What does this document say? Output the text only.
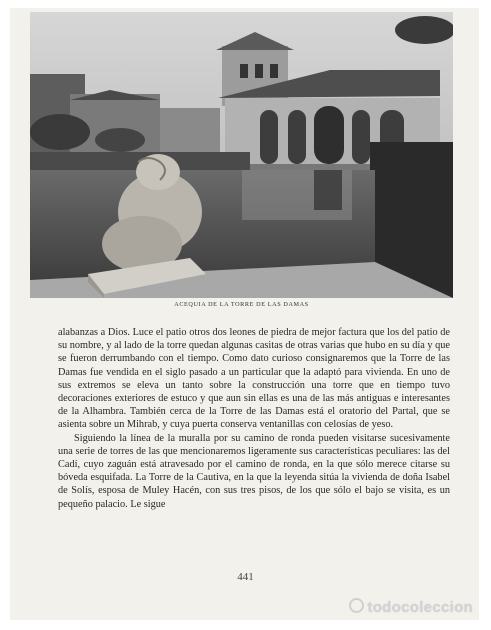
ACEQUIA DE LA TORRE DE LAS DAMAS

alabanzas a Dios. Luce el patio otros dos leones de piedra de mejor factura que los del patio de su nombre, y al lado de la torre quedan algunas casitas de otras varias que hubo en su día y que se fueron derrumbando con el tiempo. Como dato curioso consignaremos que la Torre de las Damas fue vendida en el siglo pasado a un particular que la adaptó para vivienda. En uno de sus extremos se eleva un tanto sobre la construcción una torre que en tiempo tuvo decoraciones exteriores de estuco y que aun sin ellas es una de las más antiguas e interesantes de la Alhambra. También cerca de la Torre de las Damas está el oratorio del Partal, que se asienta sobre un Mihrab, y cuya puerta conserva ventanillas con celosías de yeso.

Siguiendo la línea de la muralla por su camino de ronda pueden visitarse sucesivamente una serie de torres de las que mencionaremos ligeramente sus características peculiares: las del Cadí, cuyo zaguán está atravesado por el camino de ronda, en la que sólo merece citarse su bóveda esquifada. La Torre de la Cautiva, en la que la leyenda sitúa la vivienda de doña Isabel de Solís, esposa de Muley Hacén, con sus tres pisos, de los que sólo el bajo se visita, es un pequeño palacio. Le sigue

441
todocoleccion
